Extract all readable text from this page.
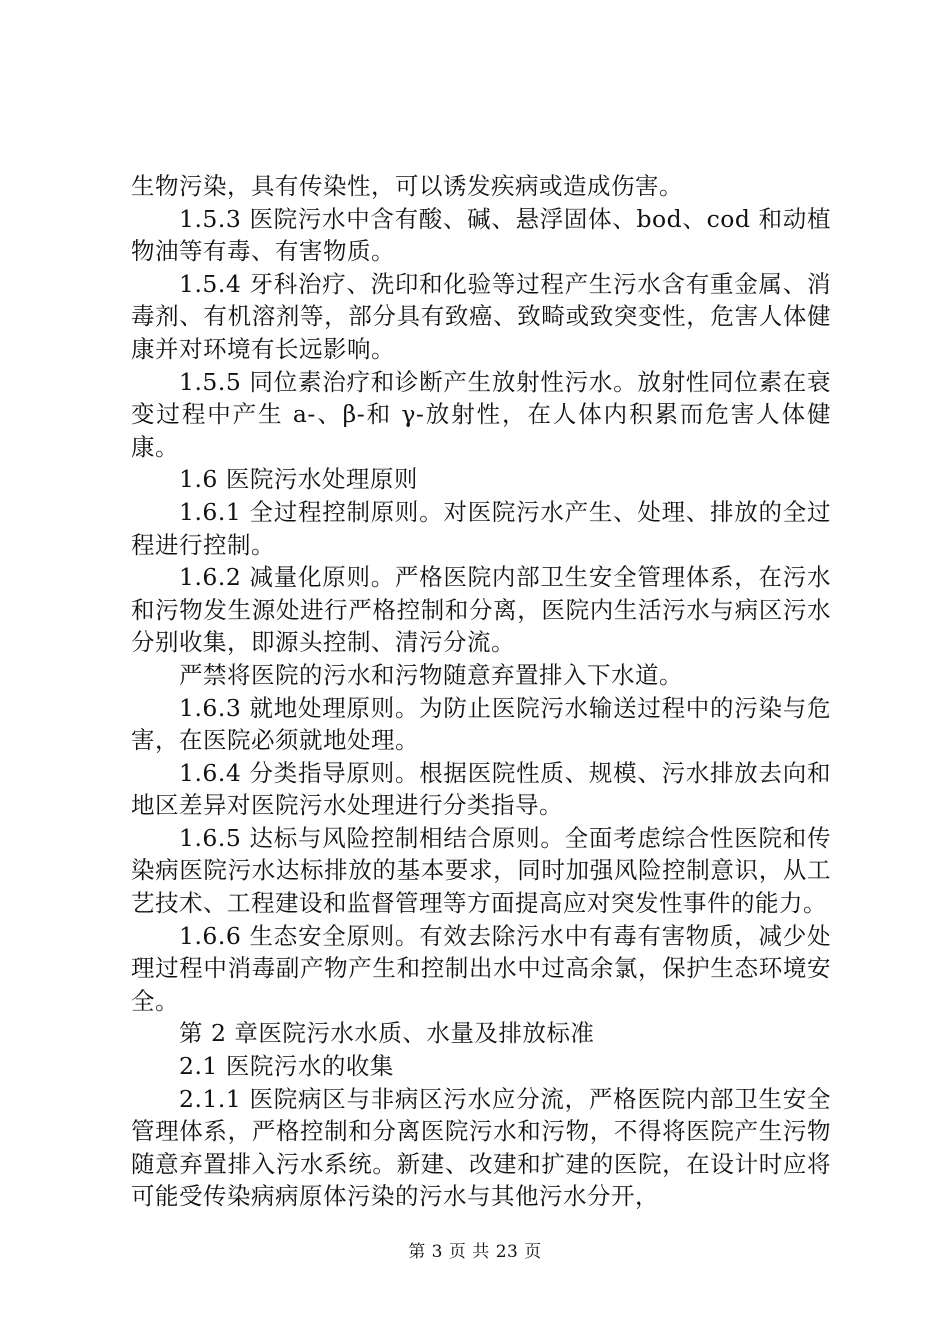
生物污染，具有传染性，可以诱发疾病或造成伤害。

1.5.3 医院污水中含有酸、碱、悬浮固体、bod、cod 和动植物油等有毒、有害物质。

1.5.4 牙科治疗、洗印和化验等过程产生污水含有重金属、消毒剂、有机溶剂等，部分具有致癌、致畸或致突变性，危害人体健康并对环境有长远影响。

1.5.5 同位素治疗和诊断产生放射性污水。放射性同位素在衰变过程中产生 a-、β-和 γ-放射性，在人体内积累而危害人体健康。

1.6 医院污水处理原则

1.6.1 全过程控制原则。对医院污水产生、处理、排放的全过程进行控制。

1.6.2 减量化原则。严格医院内部卫生安全管理体系，在污水和污物发生源处进行严格控制和分离，医院内生活污水与病区污水分别收集，即源头控制、清污分流。

严禁将医院的污水和污物随意弃置排入下水道。

1.6.3 就地处理原则。为防止医院污水输送过程中的污染与危害，在医院必须就地处理。

1.6.4 分类指导原则。根据医院性质、规模、污水排放去向和地区差异对医院污水处理进行分类指导。

1.6.5 达标与风险控制相结合原则。全面考虑综合性医院和传染病医院污水达标排放的基本要求，同时加强风险控制意识，从工艺技术、工程建设和监督管理等方面提高应对突发性事件的能力。

1.6.6 生态安全原则。有效去除污水中有毒有害物质，减少处理过程中消毒副产物产生和控制出水中过高余氯，保护生态环境安全。

第 2 章医院污水水质、水量及排放标准

2.1 医院污水的收集

2.1.1 医院病区与非病区污水应分流，严格医院内部卫生安全管理体系，严格控制和分离医院污水和污物，不得将医院产生污物随意弃置排入污水系统。新建、改建和扩建的医院，在设计时应将可能受传染病病原体污染的污水与其他污水分开，

第 3 页 共 23 页
